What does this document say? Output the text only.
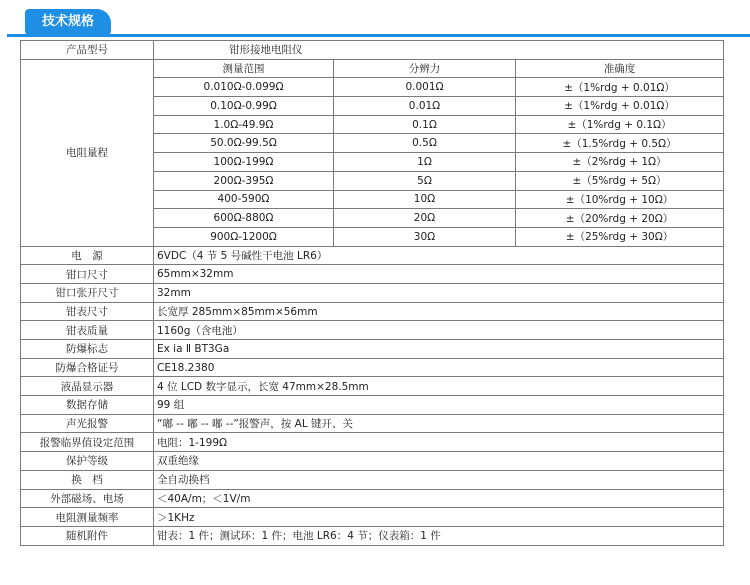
技术规格
产品型号	钳形接地电阻仪		
电阻量程	测量范围	分辨力	准确度
	0.010Ω-0.099Ω	0.001Ω	±（1%rdg + 0.01Ω）
	0.10Ω-0.99Ω	0.01Ω	±（1%rdg + 0.01Ω）
	1.0Ω-49.9Ω	0.1Ω	±（1%rdg + 0.1Ω）
	50.0Ω-99.5Ω	0.5Ω	±（1.5%rdg + 0.5Ω）
	100Ω-199Ω	1Ω	±（2%rdg + 1Ω）
	200Ω-395Ω	5Ω	±（5%rdg + 5Ω）
	400-590Ω	10Ω	±（10%rdg + 10Ω）
	600Ω-880Ω	20Ω	±（20%rdg + 20Ω）
	900Ω-1200Ω	30Ω	±（25%rdg + 30Ω）
电　源	6VDC（4 节 5 号碱性干电池 LR6）		
钳口尺寸	65mm×32mm		
钳口张开尺寸	32mm		
钳表尺寸	长宽厚 285mm×85mm×56mm		
钳表质量	1160g（含电池）		
防爆标志	Ex ia Ⅱ BT3Ga		
防爆合格证号	CE18.2380		
液晶显示器	4 位 LCD 数字显示，长宽 47mm×28.5mm		
数据存储	99 组		
声光报警	“嘟 -- 嘟 -- 嘟 --”报警声，按 AL 键开、关		
报警临界值设定范围	电阻：1-199Ω		
保护等级	双重绝缘		
换　档	全自动换档		
外部磁场、电场	＜40A/m；＜1V/m		
电阻测量频率	＞1KHz		
随机附件	钳表：1 件；测试环：1 件；电池 LR6：4 节；仪表箱：1 件		
